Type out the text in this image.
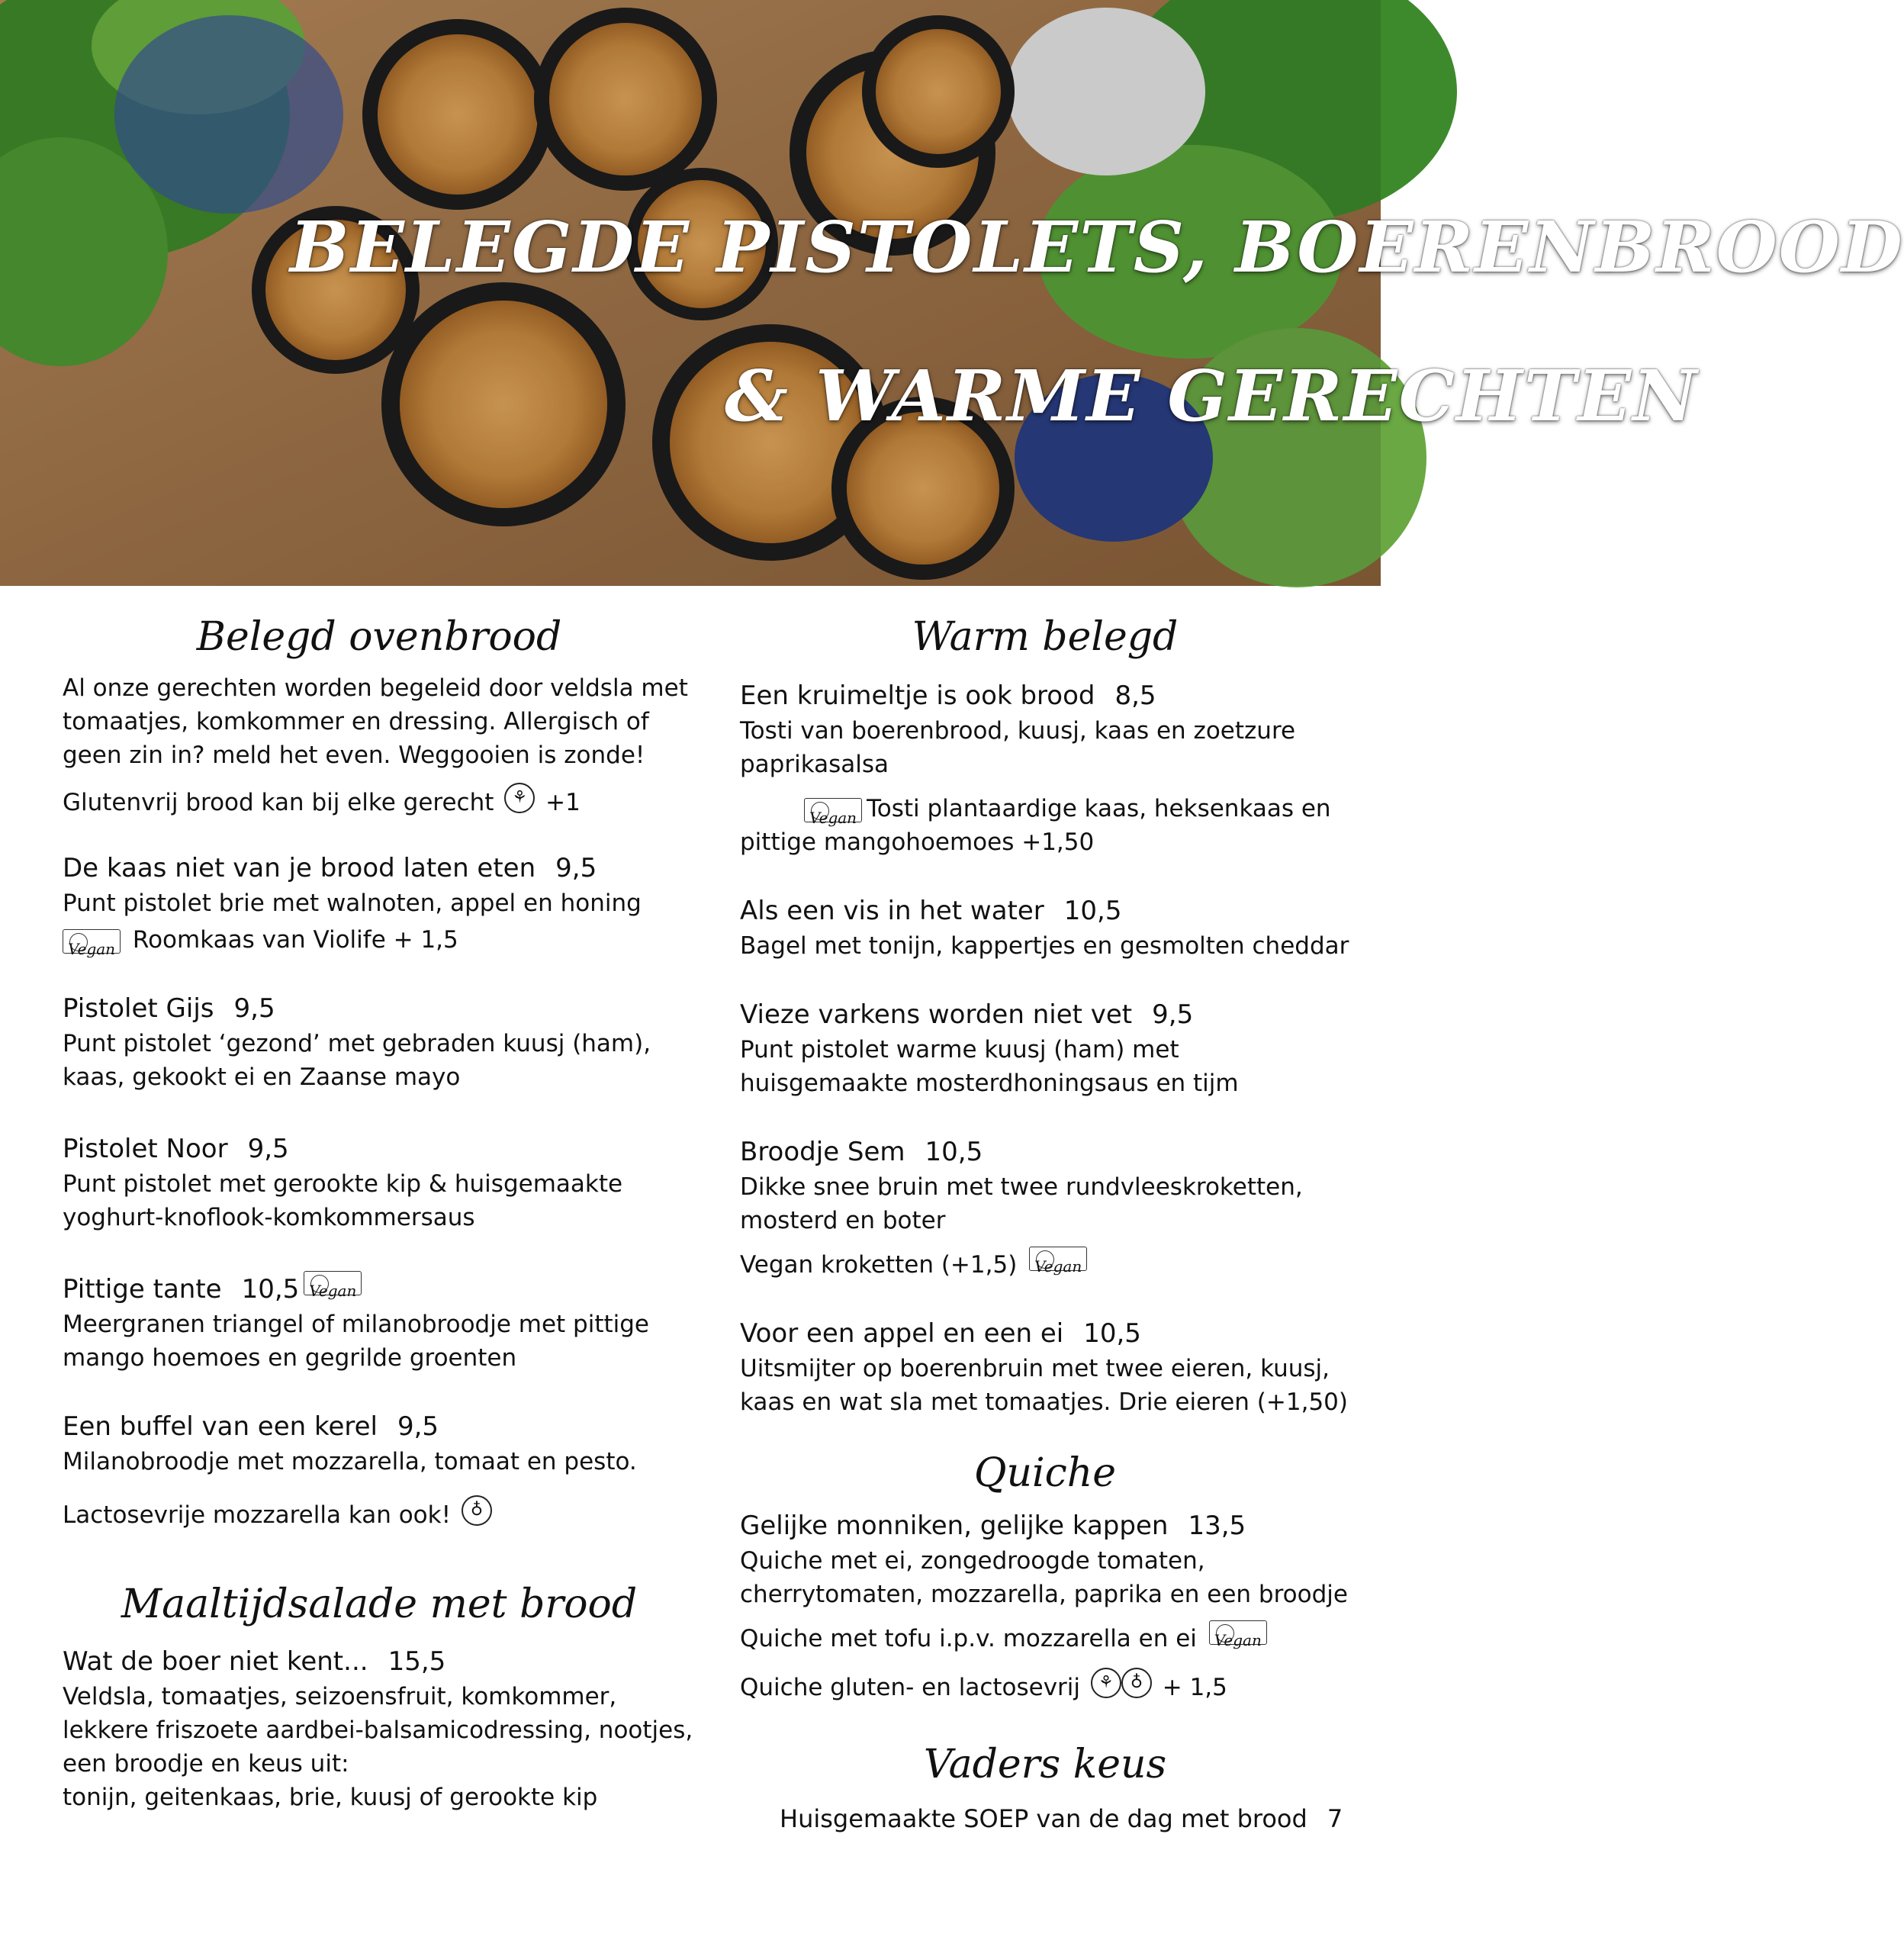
BELEGDE PISTOLETS, BOERENBROOD
& WARME GERECHTEN
Belegd ovenbrood
Al onze gerechten worden begeleid door veldsla met tomaatjes, komkommer en dressing. Allergisch of geen zin in? meld het even. Weggooien is zonde!
Glutenvrij brood kan bij elke gerecht ⚘ +1
De kaas niet van je brood laten eten 9,5
Punt pistolet brie met walnoten, appel en honing
Vegan Roomkaas van Violife + 1,5
Pistolet Gijs 9,5
Punt pistolet ‘gezond’ met gebraden kuusj (ham), kaas, gekookt ei en Zaanse mayo
Pistolet Noor 9,5
Punt pistolet met gerookte kip & huisgemaakte yoghurt-knoflook-komkommersaus
Pittige tante 10,5 Vegan
Meergranen triangel of milanobroodje met pittige mango hoemoes en gegrilde groenten
Een buffel van een kerel 9,5
Milanobroodje met mozzarella, tomaat en pesto.
Lactosevrije mozzarella kan ook! ♁
Maaltijdsalade met brood
Wat de boer niet kent... 15,5
Veldsla, tomaatjes, seizoensfruit, komkommer, lekkere friszoete aardbei-balsamicodressing, nootjes, een broodje en keus uit:
tonijn, geitenkaas, brie, kuusj of gerookte kip
Warm belegd
Een kruimeltje is ook brood 8,5
Tosti van boerenbrood, kuusj, kaas en zoetzure paprikasalsa
Vegan Tosti plantaardige kaas, heksenkaas en pittige mangohoemoes +1,50
Als een vis in het water 10,5
Bagel met tonijn, kappertjes en gesmolten cheddar
Vieze varkens worden niet vet 9,5
Punt pistolet warme kuusj (ham) met huisgemaakte mosterdhoningsaus en tijm
Broodje Sem 10,5
Dikke snee bruin met twee rundvleeskroketten, mosterd en boter
Vegan kroketten (+1,5) Vegan
Voor een appel en een ei 10,5
Uitsmijter op boerenbruin met twee eieren, kuusj, kaas en wat sla met tomaatjes. Drie eieren (+1,50)
Quiche
Gelijke monniken, gelijke kappen 13,5
Quiche met ei, zongedroogde tomaten, cherrytomaten, mozzarella, paprika en een broodje
Quiche met tofu i.p.v. mozzarella en ei Vegan
Quiche gluten- en lactosevrij ⚘ ♁ + 1,5
Vaders keus
Huisgemaakte SOEP van de dag met brood 7
